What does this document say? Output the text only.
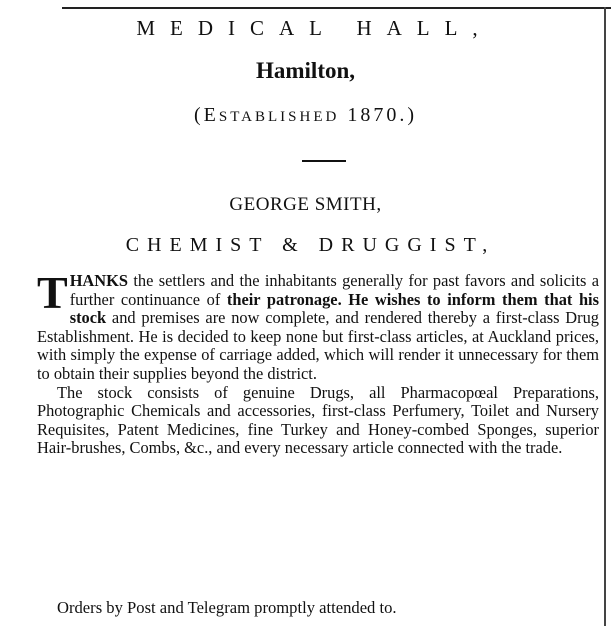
MEDICAL HALL,
Hamilton,
(ESTABLISHED 1870.)
GEORGE SMITH,
CHEMIST & DRUGGIST,

THANKS the settlers and the inhabitants generally for past favors and solicits a further continuance of their patronage. He wishes to inform them that his stock and premises are now complete, and rendered thereby a first-class Drug Establishment. He is decided to keep none but first-class articles, at Auckland prices, with simply the expense of carriage added, which will render it unnecessary for them to obtain their supplies beyond the district.

The stock consists of genuine Drugs, all Pharmacopœal Preparations, Photographic Chemicals and accessories, first-class Perfumery, Toilet and Nursery Requisites, Patent Medicines, fine Turkey and Honey-combed Sponges, superior Hair-brushes, Combs, &c., and every necessary article connected with the trade.

Orders by Post and Telegram promptly attended to.
